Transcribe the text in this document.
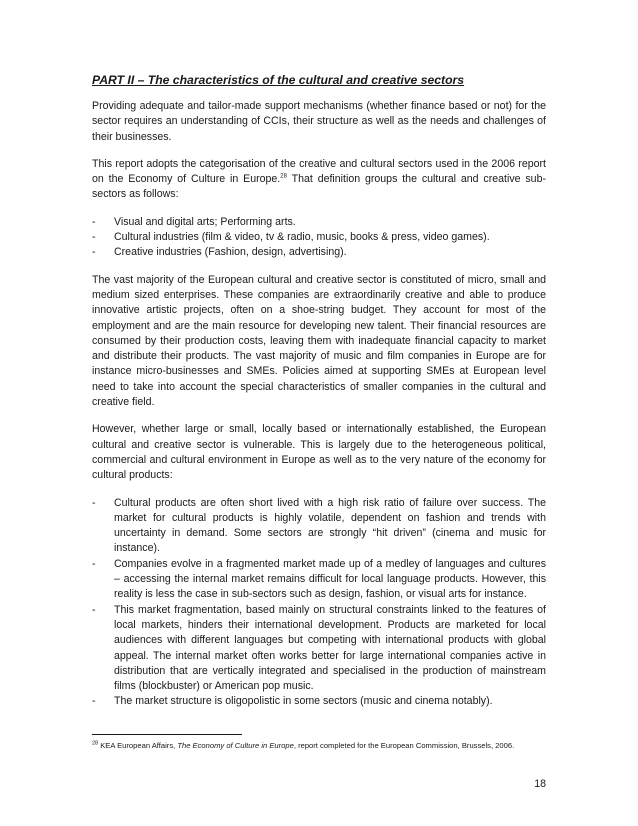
PART II – The characteristics of the cultural and creative sectors

Providing adequate and tailor-made support mechanisms (whether finance based or not) for the sector requires an understanding of CCIs, their structure as well as the needs and challenges of their businesses.

This report adopts the categorisation of the creative and cultural sectors used in the 2006 report on the Economy of Culture in Europe.$^{28}$ That definition groups the cultural and creative sub-sectors as follows:

- Visual and digital arts; Performing arts.
- Cultural industries (film & video, tv & radio, music, books & press, video games).
- Creative industries (Fashion, design, advertising).

The vast majority of the European cultural and creative sector is constituted of micro, small and medium sized enterprises. These companies are extraordinarily creative and able to produce innovative artistic projects, often on a shoe-string budget. They account for most of the employment and are the main resource for developing new talent. Their financial resources are consumed by their production costs, leaving them with inadequate financial capacity to market and distribute their products. The vast majority of music and film companies in Europe are for instance micro-businesses and SMEs. Policies aimed at supporting SMEs at European level need to take into account the special characteristics of smaller companies in the cultural and creative field.

However, whether large or small, locally based or internationally established, the European cultural and creative sector is vulnerable. This is largely due to the heterogeneous political, commercial and cultural environment in Europe as well as to the very nature of the economy for cultural products:

- Cultural products are often short lived with a high risk ratio of failure over success. The market for cultural products is highly volatile, dependent on fashion and trends with uncertainty in demand. Some sectors are strongly “hit driven” (cinema and music for instance).
- Companies evolve in a fragmented market made up of a medley of languages and cultures – accessing the internal market remains difficult for local language products. However, this reality is less the case in sub-sectors such as design, fashion, or visual arts for instance.
- This market fragmentation, based mainly on structural constraints linked to the features of local markets, hinders their international development. Products are marketed for local audiences with different languages but competing with international products with global appeal. The internal market often works better for large international companies active in distribution that are vertically integrated and specialised in the production of mainstream films (blockbuster) or American pop music.
- The market structure is oligopolistic in some sectors (music and cinema notably).
$^{28}$ KEA European Affairs, The Economy of Culture in Europe, report completed for the European Commission, Brussels, 2006.
18
